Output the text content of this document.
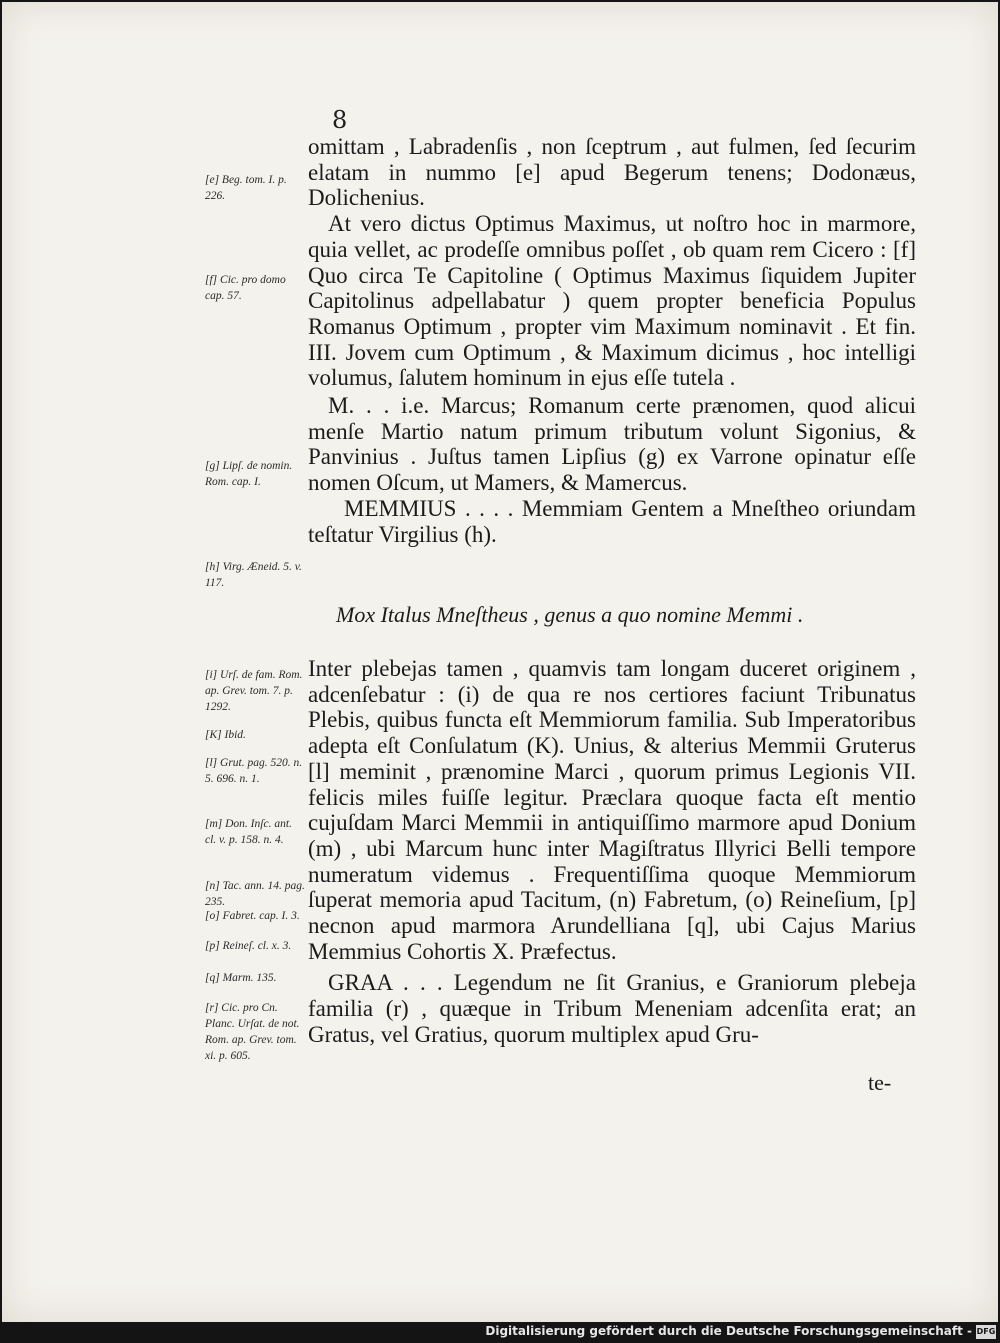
8

omittam , Labradenſis , non ſceptrum , aut fulmen, ſed ſecurim elatam in nummo [e] apud Begerum tenens; Dodonæus, Dolichenius.

At vero dictus Optimus Maximus, ut noſtro hoc in marmore, quia vellet, ac prodeſſe omnibus poſſet , ob quam rem Cicero : [f] Quo circa Te Capitoline ( Optimus Maximus ſiquidem Jupiter Capitolinus adpellabatur ) quem propter beneficia Populus Romanus Optimum , propter vim Maximum nominavit . Et fin. III. Jovem cum Optimum , & Maximum dicimus , hoc intelligi volumus, ſalutem hominum in ejus eſſe tutela .

M. . . i.e. Marcus; Romanum certe prænomen, quod alicui menſe Martio natum primum tributum volunt Sigonius, & Panvinius . Juſtus tamen Lipſius (g) ex Varrone opinatur eſſe nomen Oſcum, ut Mamers, & Mamercus.

MEMMIUS . . . . Memmiam Gentem a Mneſtheo oriundam teſtatur Virgilius (h).

Mox Italus Mneſtheus , genus a quo nomine Memmi .

Inter plebejas tamen , quamvis tam longam duceret originem , adcenſebatur : (i) de qua re nos certiores faciunt Tribunatus Plebis, quibus functa eſt Memmiorum familia. Sub Imperatoribus adepta eſt Conſulatum (K). Unius, & alterius Memmii Gruterus [l] meminit , prænomine Marci , quorum primus Legionis VII. felicis miles fuiſſe legitur. Præclara quoque facta eſt mentio cujuſdam Marci Memmii in antiquiſſimo marmore apud Donium (m) , ubi Marcum hunc inter Magiſtratus Illyrici Belli tempore numeratum videmus . Frequentiſſima quoque Memmiorum ſuperat memoria apud Tacitum, (n) Fabretum, (o) Reineſium, [p] necnon apud marmora Arundelliana [q], ubi Cajus Marius Memmius Cohortis X. Præfectus.

GRAA . . . Legendum ne ſit Granius, e Graniorum plebeja familia (r) , quæque in Tribum Meneniam adcenſita erat; an Gratus, vel Gratius, quorum multiplex apud Gru-

te-
[e] Beg. tom. I. p. 226.
[f] Cic. pro domo cap. 57.
[g] Lipſ. de nomin. Rom. cap. I.
[h] Virg. Æneid. 5. v. 117.
[i] Urſ. de fam. Rom. ap. Grev. tom. 7. p. 1292.
[K] Ibid.
[l] Grut. pag. 520. n. 5. 696. n. 1.
[m] Don. Inſc. ant. cl. v. p. 158. n. 4.
[n] Tac. ann. 14. pag. 235.
[o] Fabret. cap. I. 3.
[p] Reineſ. cl. x. 3.
[q] Marm. 135.
[r] Cic. pro Cn. Planc. Urſat. de not. Rom. ap. Grev. tom. xi. p. 605.
Digitalisierung gefördert durch die Deutsche Forschungsgemeinschaft - DFG
